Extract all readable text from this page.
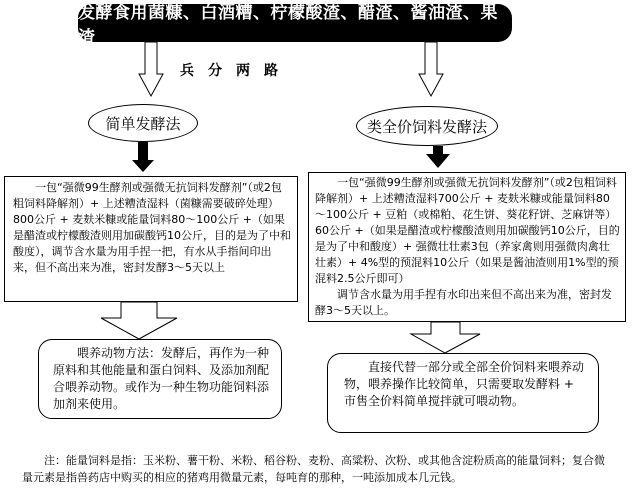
发酵食用菌糠、白酒糟、柠檬酸渣、醋渣、酱油渣、果渣
兵分两路
简单发酵法	类全价饲料发酵法
一包“强微99生酵剂或强微无抗饲料发酵剂”（或2包粗饲料降解剂）+ 上述糟渣湿料（菌糠需要破碎处理）800公斤 + 麦麸米糠或能量饲料80～100公斤 +（如果是醋渣或柠檬酸渣则用加碳酸钙10公斤，目的是为了中和酸度），调节含水量为用手捏一把，有水从手指间印出来，但不高出来为准，密封发酵3～5天以上
一包“强微99生酵剂或强微无抗饲料发酵剂”（或2包粗饲料降解剂）+ 上述糟渣湿料700公斤 + 麦麸米糠或能量饲料80～100公斤 + 豆粕（或棉粕、花生饼、葵花籽饼、芝麻饼等）60公斤 +（如果是醋渣或柠檬酸渣则用加碳酸钙10公斤，目的是为了中和酸度）+ 强微壮壮素3包（养家禽则用强微肉禽壮壮素）+ 4%型的预混料10公斤（如果是酱油渣则用1%型的预混料2.5公斤即可）
调节含水量为用手捏有水印出来但不高出来为准，密封发酵3～5天以上。
喂养动物方法：发酵后，再作为一种原料和其他能量和蛋白饲料、及添加剂配合喂养动物。或作为一种生物功能饲料添加剂来使用。
直接代替一部分或全部全价饲料来喂养动物，喂养操作比较简单，只需要取发酵料 + 市售全价料简单搅拌就可喂动物。
注：能量饲料是指：玉米粉、薯干粉、米粉、稻谷粉、麦粉、高粱粉、次粉、或其他含淀粉质高的能量饲料；复合微量元素是指兽药店中购买的相应的猪鸡用微量元素，每吨育的那种，一吨添加成本几元钱。
